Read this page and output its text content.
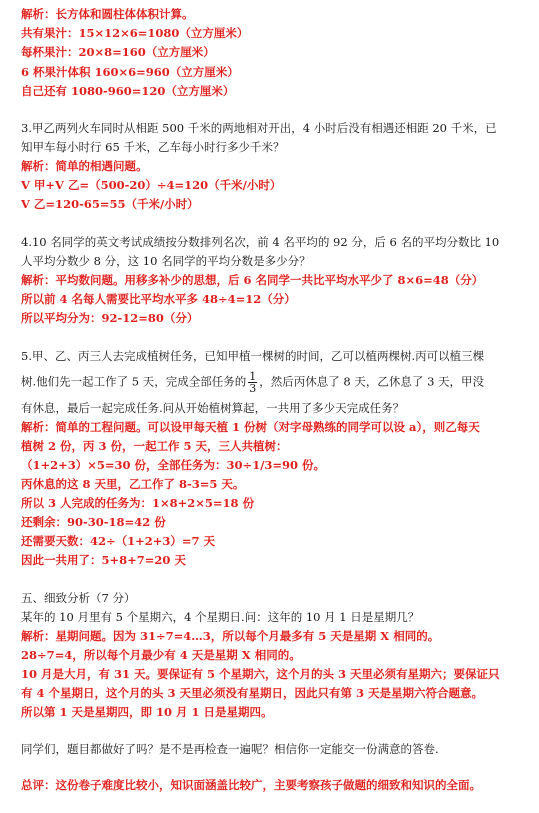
解析：长方体和圆柱体体积计算。
共有果汁：15×12×6=1080（立方厘米）
每杯果汁：20×8=160（立方厘米）
6 杯果汁体积 160×6=960（立方厘米）
自己还有 1080-960=120（立方厘米）
3.甲乙两列火车同时从相距 500 千米的两地相对开出，4 小时后没有相遇还相距 20 千米，已
知甲车每小时行 65 千米，乙车每小时行多少千米？
解析：简单的相遇问题。
V 甲+V 乙=（500-20）÷4=120（千米/小时）
V 乙=120-65=55（千米/小时）
4.10 名同学的英文考试成绩按分数排列名次，前 4 名平均的 92 分，后 6 名的平均分数比 10
人平均分数少 8 分，这 10 名同学的平均分数是多少分？
解析：平均数问题。用移多补少的思想，后 6 名同学一共比平均水平少了 8×6=48（分）
所以前 4 名每人需要比平均水平多 48÷4=12（分）
所以平均分为：92-12=80（分）
5.甲、乙、丙三人去完成植树任务，已知甲植一棵树的时间，乙可以植两棵树.丙可以植三棵
树.他们先一起工作了 5 天，完成全部任务的 $\frac{1}{3}$ ，然后丙休息了 8 天，乙休息了 3 天，甲没
有休息，最后一起完成任务.问从开始植树算起，一共用了多少天完成任务？
解析：简单的工程问题。可以设甲每天植 1 份树（对字母熟练的同学可以设 a），则乙每天
植树 2 份，丙 3 份，一起工作 5 天，三人共植树：
（1+2+3）×5=30 份，全部任务为：30÷1/3=90 份。
丙休息的这 8 天里，乙工作了 8-3=5 天。
所以 3 人完成的任务为：1×8+2×5=18 份
还剩余：90-30-18=42 份
还需要天数：42÷（1+2+3）=7 天
因此一共用了：5+8+7=20 天
五、细致分析（7 分）
某年的 10 月里有 5 个星期六，4 个星期日.问：这年的 10 月 1 日是星期几？
解析：星期问题。因为 31÷7=4…3，所以每个月最多有 5 天是星期 X 相同的。
28÷7=4，所以每个月最少有 4 天是星期 X 相同的。
10 月是大月，有 31 天。要保证有 5 个星期六，这个月的头 3 天里必须有星期六；要保证只
有 4 个星期日，这个月的头 3 天里必须没有星期日，因此只有第 3 天是星期六符合题意。
所以第 1 天是星期四，即 10 月 1 日是星期四。
同学们，题目都做好了吗？是不是再检查一遍呢？相信你一定能交一份满意的答卷.
总评：这份卷子难度比较小，知识面涵盖比较广，主要考察孩子做题的细致和知识的全面。
